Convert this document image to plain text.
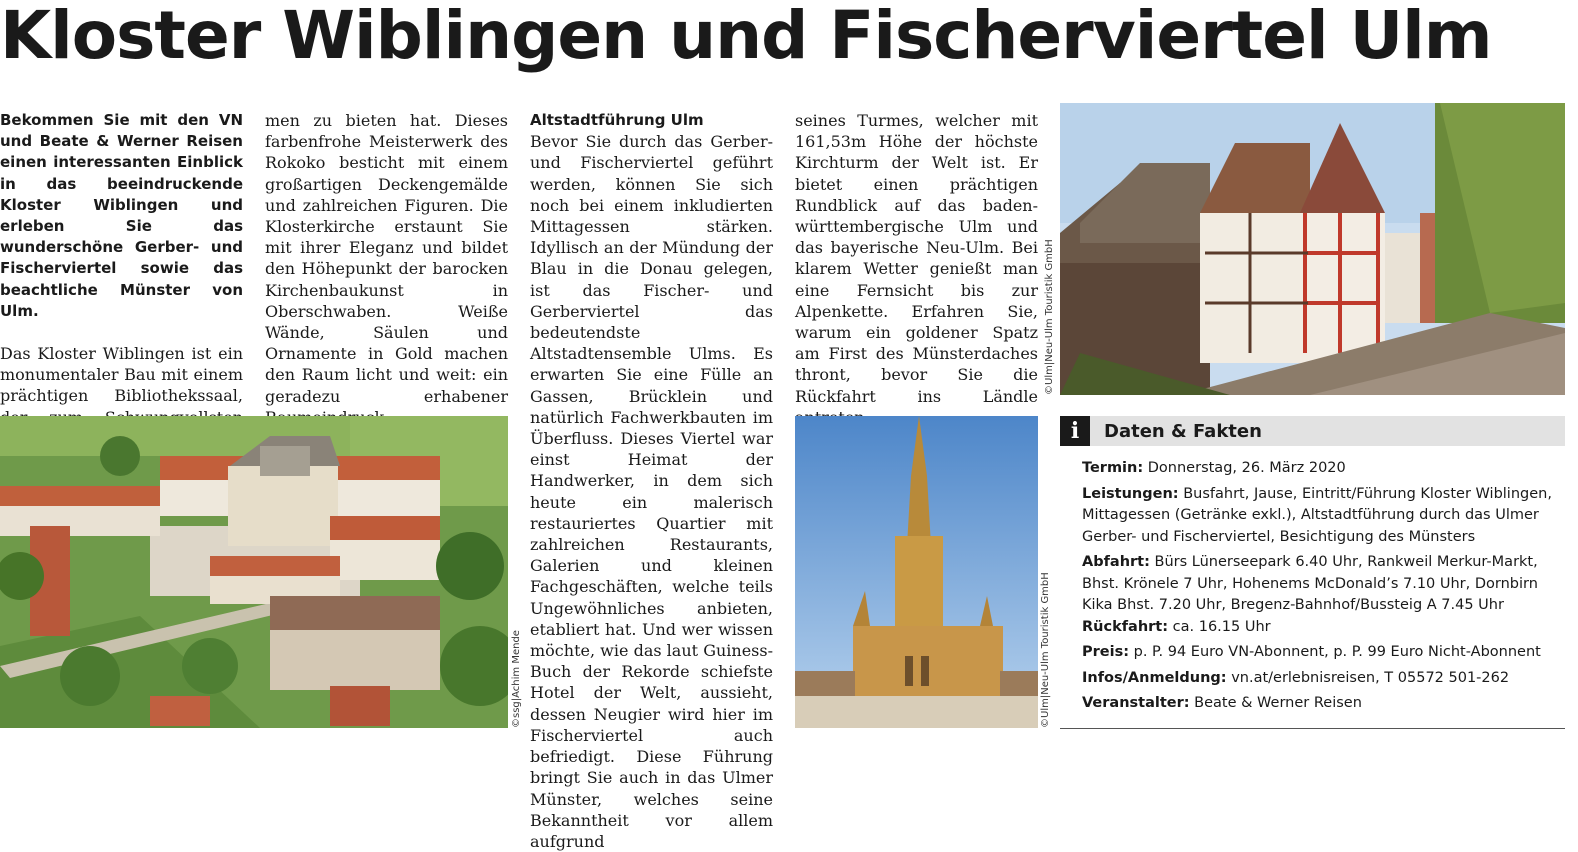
Kloster Wiblingen und Fischerviertel Ulm

Bekommen Sie mit den VN und Beate & Werner Reisen einen interessanten Einblick in das beeindruckende Kloster Wiblingen und erleben Sie das wunderschöne Gerber- und Fischerviertel sowie das beachtliche Münster von Ulm.

Das Kloster Wiblingen ist ein monumentaler Bau mit einem prächtigen Bibliothekssaal,

men zu bieten hat. Dieses farbenfrohe Meisterwerk des Rokoko besticht mit einem großartigen Deckengemälde und zahlreichen Figuren. Die Klosterkirche erstaunt Sie mit ihrer Eleganz und bildet den Höhepunkt der barocken Kirchenbaukunst in Oberschwaben. Weiße Wände, Säulen und Ornamente in Gold machen den Raum licht und weit: ein geradezu erhabener

Altstadtführung Ulm

Bevor Sie durch das Gerber- und Fischerviertel geführt werden, können Sie sich noch bei einem inkludierten Mittagessen stärken. Idyllisch an der Mündung der Blau in die Donau gelegen, ist das Fischer- und Gerberviertel das bedeutendste Altstadtensemble Ulms. Es erwarten Sie eine Fülle an Gassen, Brücklein und natürlich Fachwerkbauten im Überfluss. Dieses Viertel war einst Heimat der Handwerker, in dem sich heute ein malerisch restauriertes Quartier mit zahlreichen Restaurants, Galerien und kleinen Fachgeschäften, welche teils Ungewöhnliches anbieten, etabliert hat. Und wer wissen möchte, wie das laut Guiness-Buch der Rekorde schiefste Hotel der Welt, aussieht, dessen Neugier wird hier im Fischerviertel auch befriedigt. Diese Führung bringt Sie auch in das Ulmer Münster, welches seine Bekanntheit vor allem aufgrund

seines Turmes, welcher mit 161,53m Höhe der höchste Kirchturm der Welt ist. Er bietet einen prächtigen Rundblick auf das baden-württembergische Ulm und das bayerische Neu-Ulm. Bei klarem Wetter genießt man eine Fernsicht bis zur Alpenkette. Erfahren Sie, warum ein goldener Spatz am First des Münsterdaches thront, bevor Sie die Rückfahrt ins Ländle

©ssg|Achim Mende
©Ulm|Neu-Ulm Touristik GmbH
©Ulm|Neu-Ulm Touristik GmbH
i	Daten & Fakten
Termin: Donnerstag, 26. März 2020
Leistungen: Busfahrt, Jause, Eintritt/Führung Kloster Wiblingen, Mittagessen (Getränke exkl.), Altstadtführung durch das Ulmer Gerber- und Fischerviertel, Besichtigung des Münsters
Abfahrt: Bürs Lünerseepark 6.40 Uhr, Rankweil Merkur-Markt, Bhst. Krönele 7 Uhr, Hohenems McDonald’s 7.10 Uhr, Dornbirn Kika Bhst. 7.20 Uhr, Bregenz-Bahnhof/Bussteig A 7.45 Uhr
Rückfahrt: ca. 16.15 Uhr
Preis: p. P. 94 Euro VN-Abonnent, p. P. 99 Euro Nicht-Abonnent
Infos/Anmeldung: vn.at/erlebnisreisen, T 05572 501-262
Veranstalter: Beate & Werner Reisen
